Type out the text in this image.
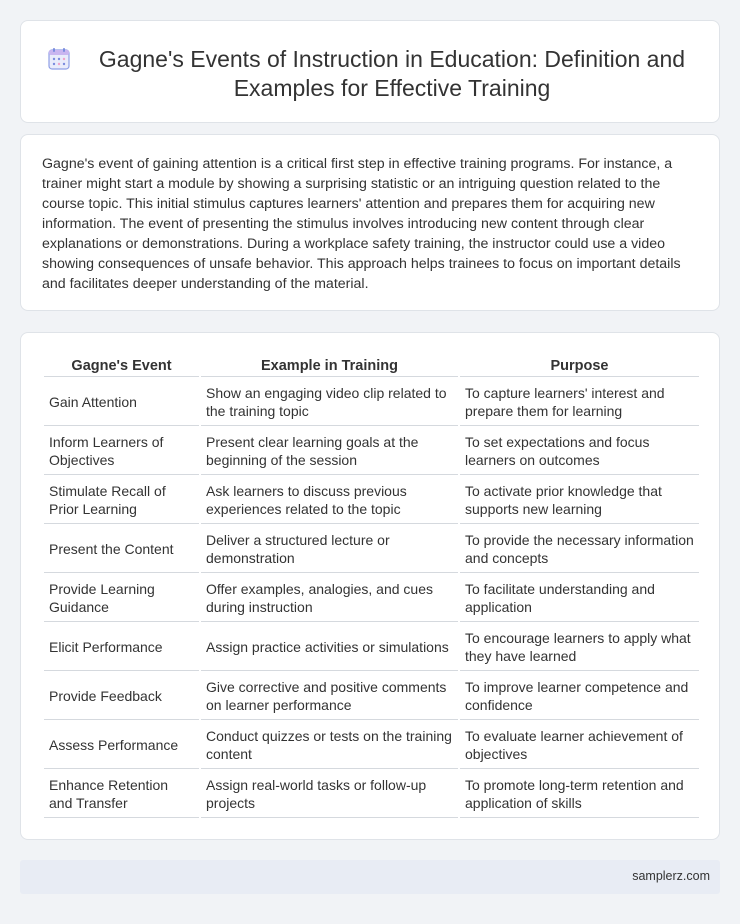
Gagne's Events of Instruction in Education: Definition and Examples for Effective Training

Gagne's event of gaining attention is a critical first step in effective training programs. For instance, a trainer might start a module by showing a surprising statistic or an intriguing question related to the course topic. This initial stimulus captures learners' attention and prepares them for acquiring new information. The event of presenting the stimulus involves introducing new content through clear explanations or demonstrations. During a workplace safety training, the instructor could use a video showing consequences of unsafe behavior. This approach helps trainees to focus on important details and facilitates deeper understanding of the material.

Gagne's Event	Example in Training	Purpose
Gain Attention	Show an engaging video clip related to the training topic	To capture learners' interest and prepare them for learning
Inform Learners of Objectives	Present clear learning goals at the beginning of the session	To set expectations and focus learners on outcomes
Stimulate Recall of Prior Learning	Ask learners to discuss previous experiences related to the topic	To activate prior knowledge that supports new learning
Present the Content	Deliver a structured lecture or demonstration	To provide the necessary information and concepts
Provide Learning Guidance	Offer examples, analogies, and cues during instruction	To facilitate understanding and application
Elicit Performance	Assign practice activities or simulations	To encourage learners to apply what they have learned
Provide Feedback	Give corrective and positive comments on learner performance	To improve learner competence and confidence
Assess Performance	Conduct quizzes or tests on the training content	To evaluate learner achievement of objectives
Enhance Retention and Transfer	Assign real-world tasks or follow-up projects	To promote long-term retention and application of skills
samplerz.com
